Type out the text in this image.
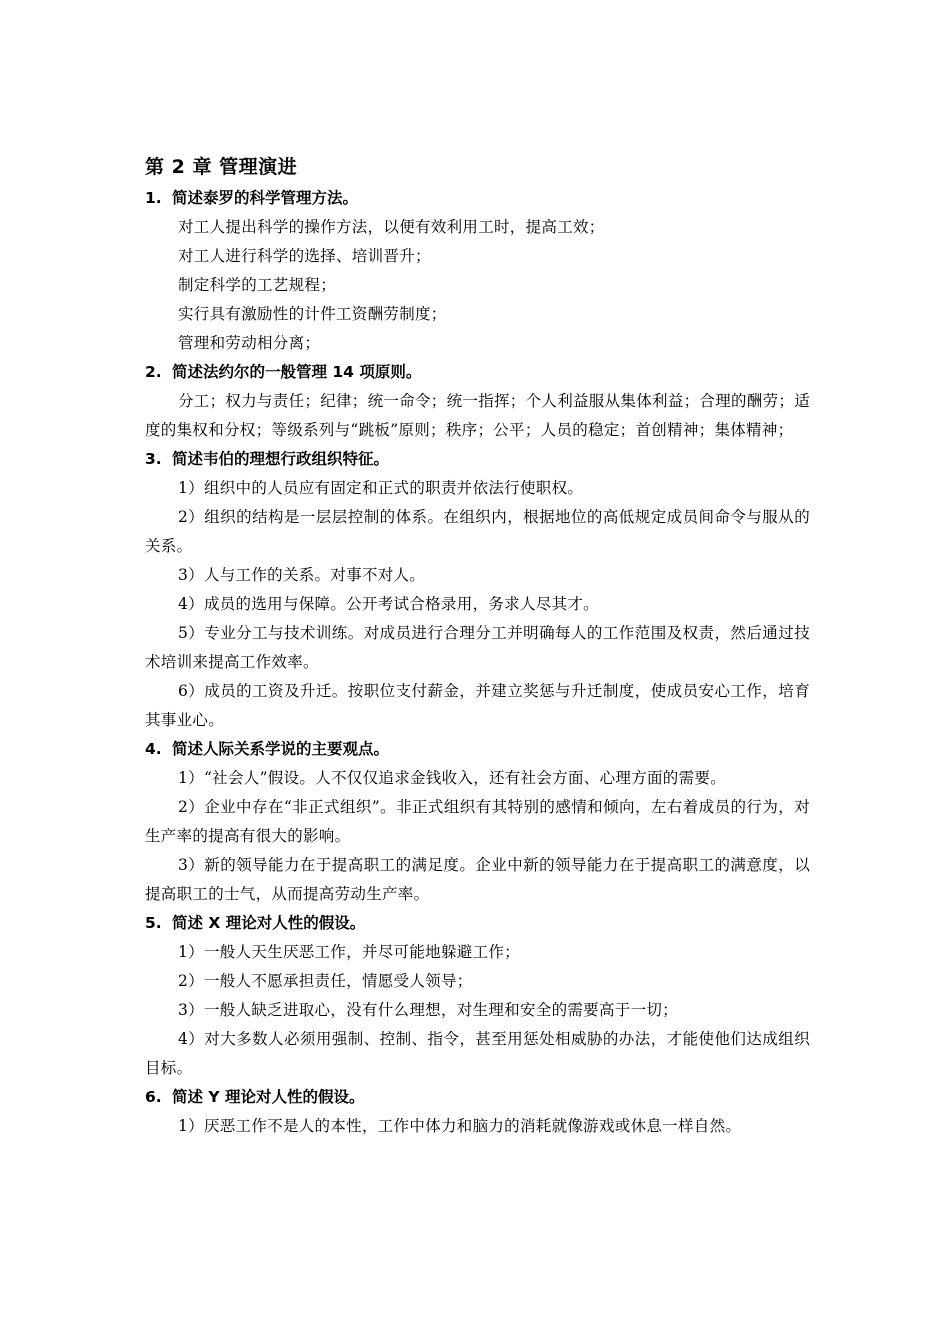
第 2 章 管理演进
1. 简述泰罗的科学管理方法。

对工人提出科学的操作方法，以便有效利用工时，提高工效；

对工人进行科学的选择、培训晋升；

制定科学的工艺规程；

实行具有激励性的计件工资酬劳制度；

管理和劳动相分离；

2. 简述法约尔的一般管理 14 项原则。

分工；权力与责任；纪律；统一命令；统一指挥；个人利益服从集体利益；合理的酬劳；适度的集权和分权；等级系列与“跳板”原则；秩序；公平；人员的稳定；首创精神；集体精神；

3. 简述韦伯的理想行政组织特征。

1）组织中的人员应有固定和正式的职责并依法行使职权。

2）组织的结构是一层层控制的体系。在组织内，根据地位的高低规定成员间命令与服从的关系。

3）人与工作的关系。对事不对人。

4）成员的选用与保障。公开考试合格录用，务求人尽其才。

5）专业分工与技术训练。对成员进行合理分工并明确每人的工作范围及权责，然后通过技术培训来提高工作效率。

6）成员的工资及升迁。按职位支付薪金，并建立奖惩与升迁制度，使成员安心工作，培育其事业心。

4. 简述人际关系学说的主要观点。

1）“社会人”假设。人不仅仅追求金钱收入，还有社会方面、心理方面的需要。

2）企业中存在“非正式组织”。非正式组织有其特别的感情和倾向，左右着成员的行为，对生产率的提高有很大的影响。

3）新的领导能力在于提高职工的满足度。企业中新的领导能力在于提高职工的满意度，以提高职工的士气，从而提高劳动生产率。

5. 简述 X 理论对人性的假设。

1）一般人天生厌恶工作，并尽可能地躲避工作；

2）一般人不愿承担责任，情愿受人领导；

3）一般人缺乏进取心，没有什么理想，对生理和安全的需要高于一切；

4）对大多数人必须用强制、控制、指令，甚至用惩处相威胁的办法，才能使他们达成组织目标。

6. 简述 Y 理论对人性的假设。

1）厌恶工作不是人的本性，工作中体力和脑力的消耗就像游戏或休息一样自然。
